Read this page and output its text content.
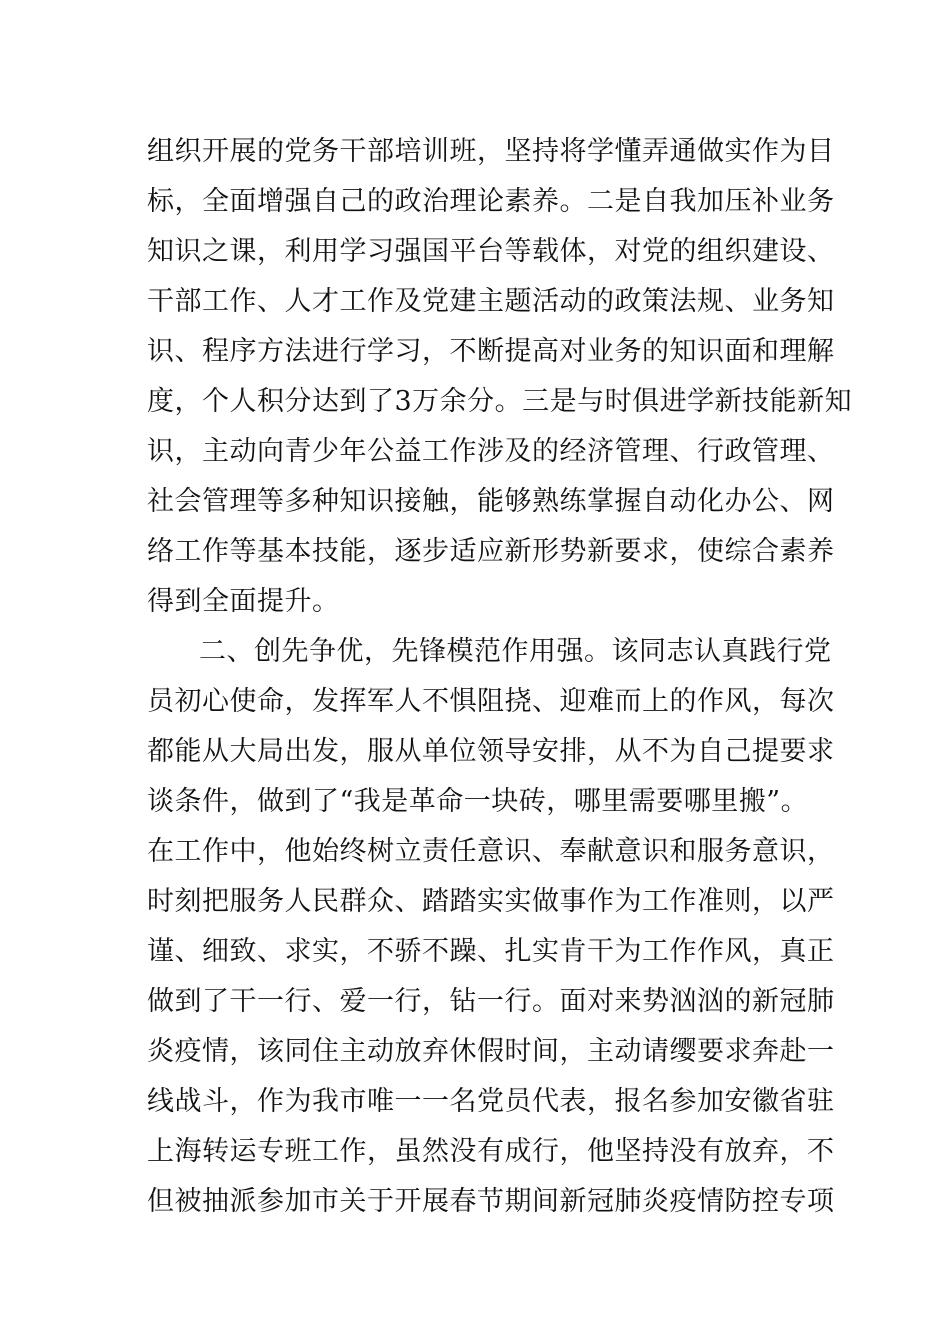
组织开展的党务干部培训班，坚持将学懂弄通做实作为目
标，全面增强自己的政治理论素养。二是自我加压补业务
知识之课，利用学习强国平台等载体，对党的组织建设、
干部工作、人才工作及党建主题活动的政策法规、业务知
识、程序方法进行学习，不断提高对业务的知识面和理解
度，个人积分达到了3万余分。三是与时俱进学新技能新知
识，主动向青少年公益工作涉及的经济管理、行政管理、
社会管理等多种知识接触，能够熟练掌握自动化办公、网
络工作等基本技能，逐步适应新形势新要求，使综合素养
得到全面提升。
二、创先争优，先锋模范作用强。该同志认真践行党
员初心使命，发挥军人不惧阻挠、迎难而上的作风，每次
都能从大局出发，服从单位领导安排，从不为自己提要求
谈条件，做到了“我是革命一块砖，哪里需要哪里搬”。
在工作中，他始终树立责任意识、奉献意识和服务意识，
时刻把服务人民群众、踏踏实实做事作为工作准则，以严
谨、细致、求实，不骄不躁、扎实肯干为工作作风，真正
做到了干一行、爱一行，钻一行。面对来势汹汹的新冠肺
炎疫情，该同住主动放弃休假时间，主动请缨要求奔赴一
线战斗，作为我市唯一一名党员代表，报名参加安徽省驻
上海转运专班工作，虽然没有成行，他坚持没有放弃，不
但被抽派参加市关于开展春节期间新冠肺炎疫情防控专项
